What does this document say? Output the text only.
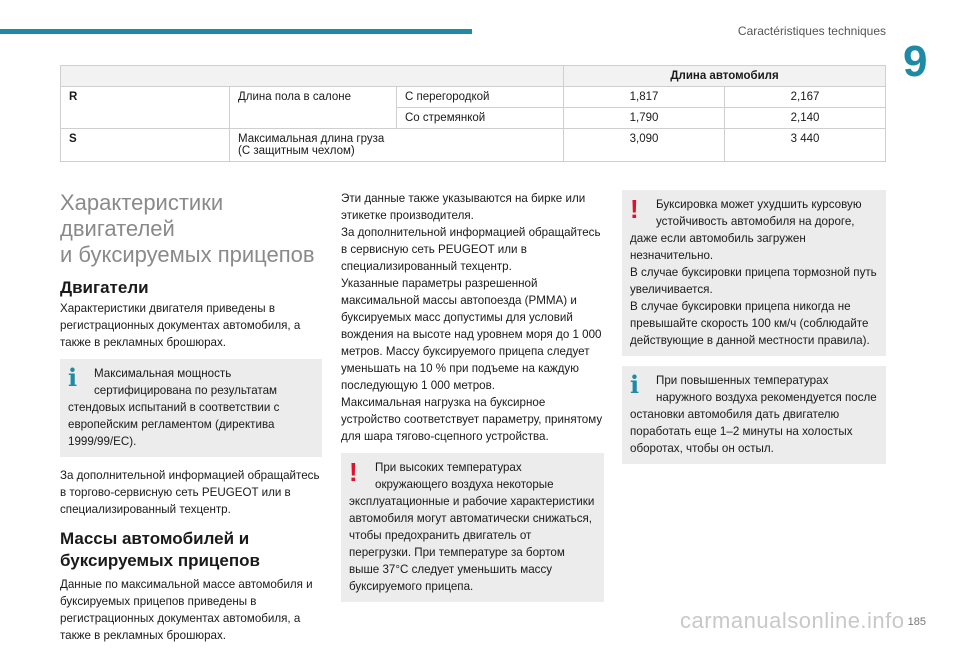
Caractéristiques techniques
9
			Длина автомобиля	
R	Длина пола в салоне	С перегородкой	1,817	2,167
		Со стремянкой	1,790	2,140
S	Максимальная длина груза
(С защитным чехлом)		3,090	3 440
Характеристики двигателей
и буксируемых прицепов
Двигатели

Характеристики двигателя приведены в регистрационных документах автомобиля, а также в рекламных брошюрах.

i	Максимальная мощность сертифицирована по результатам стендовых испытаний в соответствии с европейским регламентом (директива 1999/99/ЕС).

За дополнительной информацией обращайтесь в торгово-сервисную сеть PEUGEOT или в специализированный техцентр.

Массы автомобилей и
буксируемых прицепов

Данные по максимальной массе автомобиля и буксируемых прицепов приведены в регистрационных документах автомобиля, а также в рекламных брошюрах.

Эти данные также указываются на бирке или этикетке производителя.

За дополнительной информацией обращайтесь в сервисную сеть PEUGEOT или в специализированный техцентр.

Указанные параметры разрешенной максимальной массы автопоезда (PMMA) и буксируемых масс допустимы для условий вождения на высоте над уровнем моря до 1 000 метров. Массу буксируемого прицепа следует уменьшать на 10 % при подъеме на каждую последующую 1 000 метров.

Максимальная нагрузка на буксирное устройство соответствует параметру, принятому для шара тягово-сцепного устройства.

!	При высоких температурах окружающего воздуха некоторые эксплуатационные и рабочие характеристики автомобиля могут автоматически снижаться, чтобы предохранить двигатель от перегрузки. При температуре за бортом выше 37°C следует уменьшить массу буксируемого прицепа.
!	Буксировка может ухудшить курсовую устойчивость автомобиля на дороге, даже если автомобиль загружен незначительно.
В случае буксировки прицепа тормозной путь увеличивается.
В случае буксировки прицепа никогда не превышайте скорость 100 км/ч (соблюдайте действующие в данной местности правила).
i	При повышенных температурах наружного воздуха рекомендуется после остановки автомобиля дать двигателю поработать еще 1–2 минуты на холостых оборотах, чтобы он остыл.
185
carmanualsonline.info
